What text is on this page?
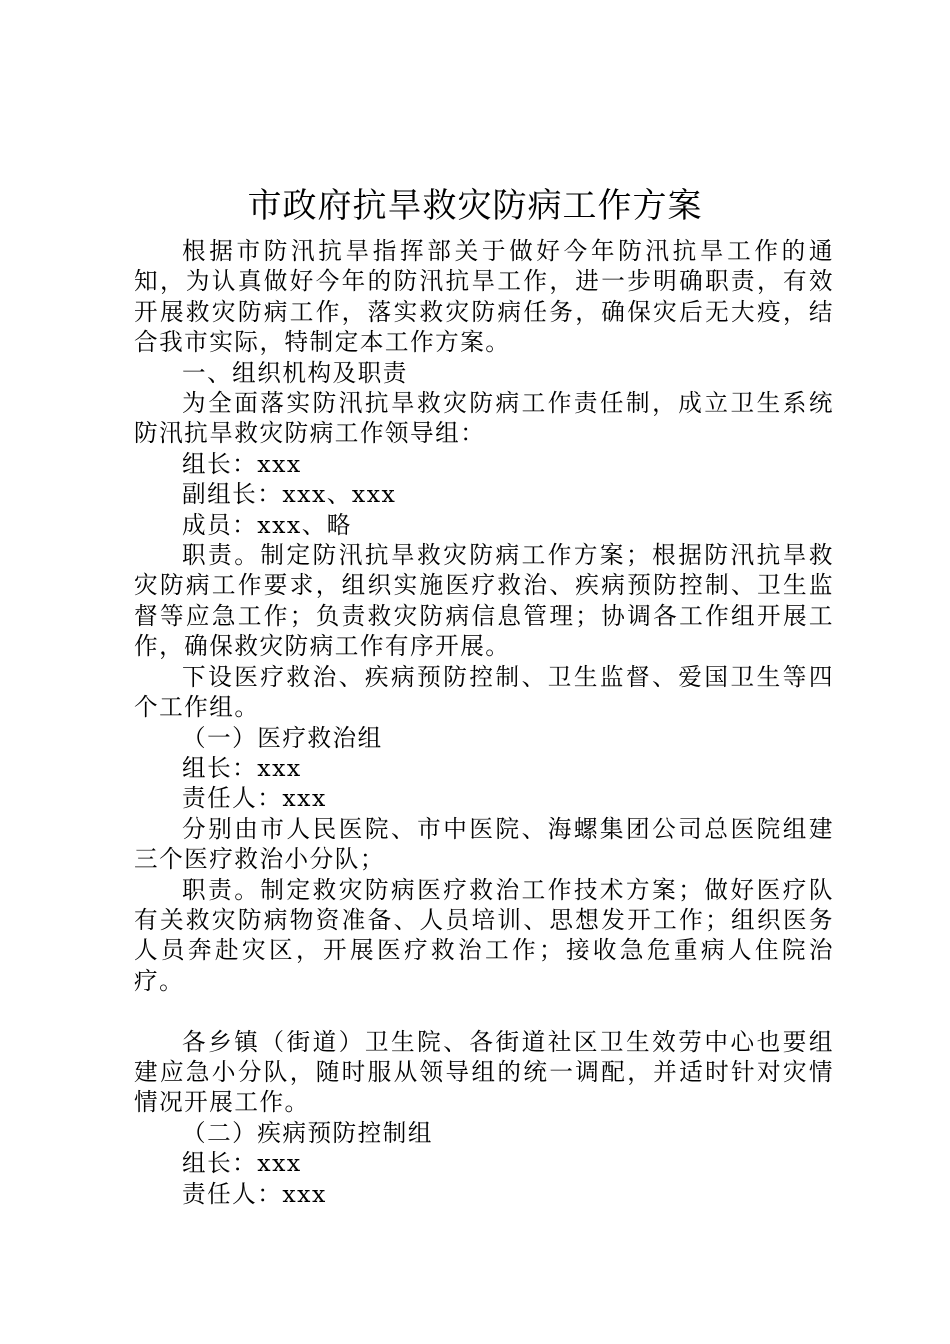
市政府抗旱救灾防病工作方案

根据市防汛抗旱指挥部关于做好今年防汛抗旱工作的通知，为认真做好今年的防汛抗旱工作，进一步明确职责，有效开展救灾防病工作，落实救灾防病任务，确保灾后无大疫，结合我市实际，特制定本工作方案。

一、组织机构及职责

为全面落实防汛抗旱救灾防病工作责任制，成立卫生系统防汛抗旱救灾防病工作领导组：

组长：xxx

副组长：xxx、xxx

成员：xxx、略

职责。制定防汛抗旱救灾防病工作方案；根据防汛抗旱救灾防病工作要求，组织实施医疗救治、疾病预防控制、卫生监督等应急工作；负责救灾防病信息管理；协调各工作组开展工作，确保救灾防病工作有序开展。

下设医疗救治、疾病预防控制、卫生监督、爱国卫生等四个工作组。

（一）医疗救治组

组长：xxx

责任人：xxx

分别由市人民医院、市中医院、海螺集团公司总医院组建三个医疗救治小分队；

职责。制定救灾防病医疗救治工作技术方案；做好医疗队有关救灾防病物资准备、人员培训、思想发开工作；组织医务人员奔赴灾区，开展医疗救治工作；接收急危重病人住院治疗。

各乡镇（街道）卫生院、各街道社区卫生效劳中心也要组建应急小分队，随时服从领导组的统一调配，并适时针对灾情情况开展工作。

（二）疾病预防控制组

组长：xxx

责任人：xxx
